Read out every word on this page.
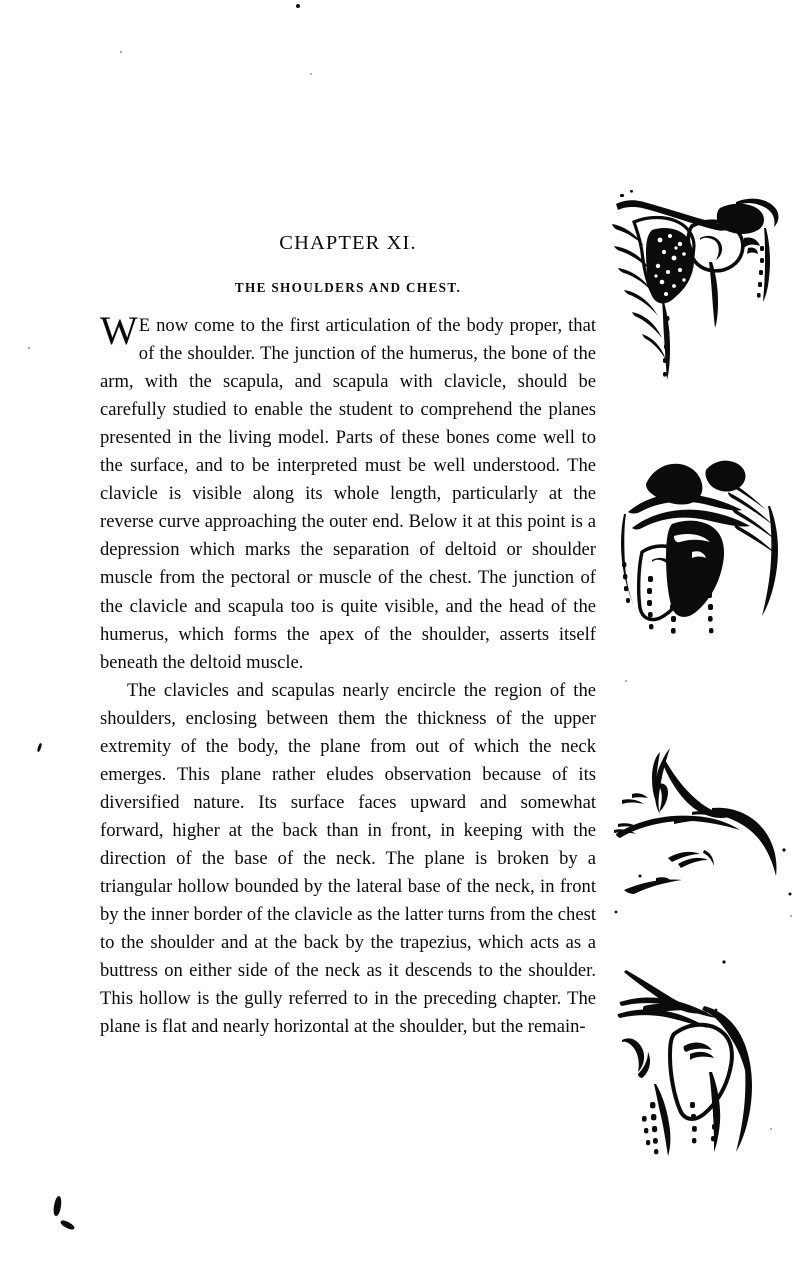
CHAPTER XI.
THE SHOULDERS AND CHEST.

W E now come to the first articulation of the body proper, that of the shoulder. The junction of the humerus, the bone of the arm, with the scapula, and scapula with clavicle, should be carefully studied to enable the student to comprehend the planes presented in the living model. Parts of these bones come well to the surface, and to be interpreted must be well understood. The clavicle is visible along its whole length, particularly at the reverse curve approaching the outer end. Below it at this point is a depression which marks the separation of deltoid or shoulder muscle from the pectoral or muscle of the chest. The junction of the clavicle and scapula too is quite visible, and the head of the humerus, which forms the apex of the shoulder, asserts itself beneath the deltoid muscle.

The clavicles and scapulas nearly encircle the region of the shoulders, enclosing between them the thickness of the upper extremity of the body, the plane from out of which the neck emerges. This plane rather eludes observation because of its diversified nature. Its surface faces upward and somewhat forward, higher at the back than in front, in keeping with the direction of the base of the neck. The plane is broken by a triangular hollow bounded by the lateral base of the neck, in front by the inner border of the clavicle as the latter turns from the chest to the shoulder and at the back by the trapezius, which acts as a buttress on either side of the neck as it descends to the shoulder. This hollow is the gully referred to in the preceding chapter. The plane is flat and nearly horizontal at the shoulder, but the remain-
